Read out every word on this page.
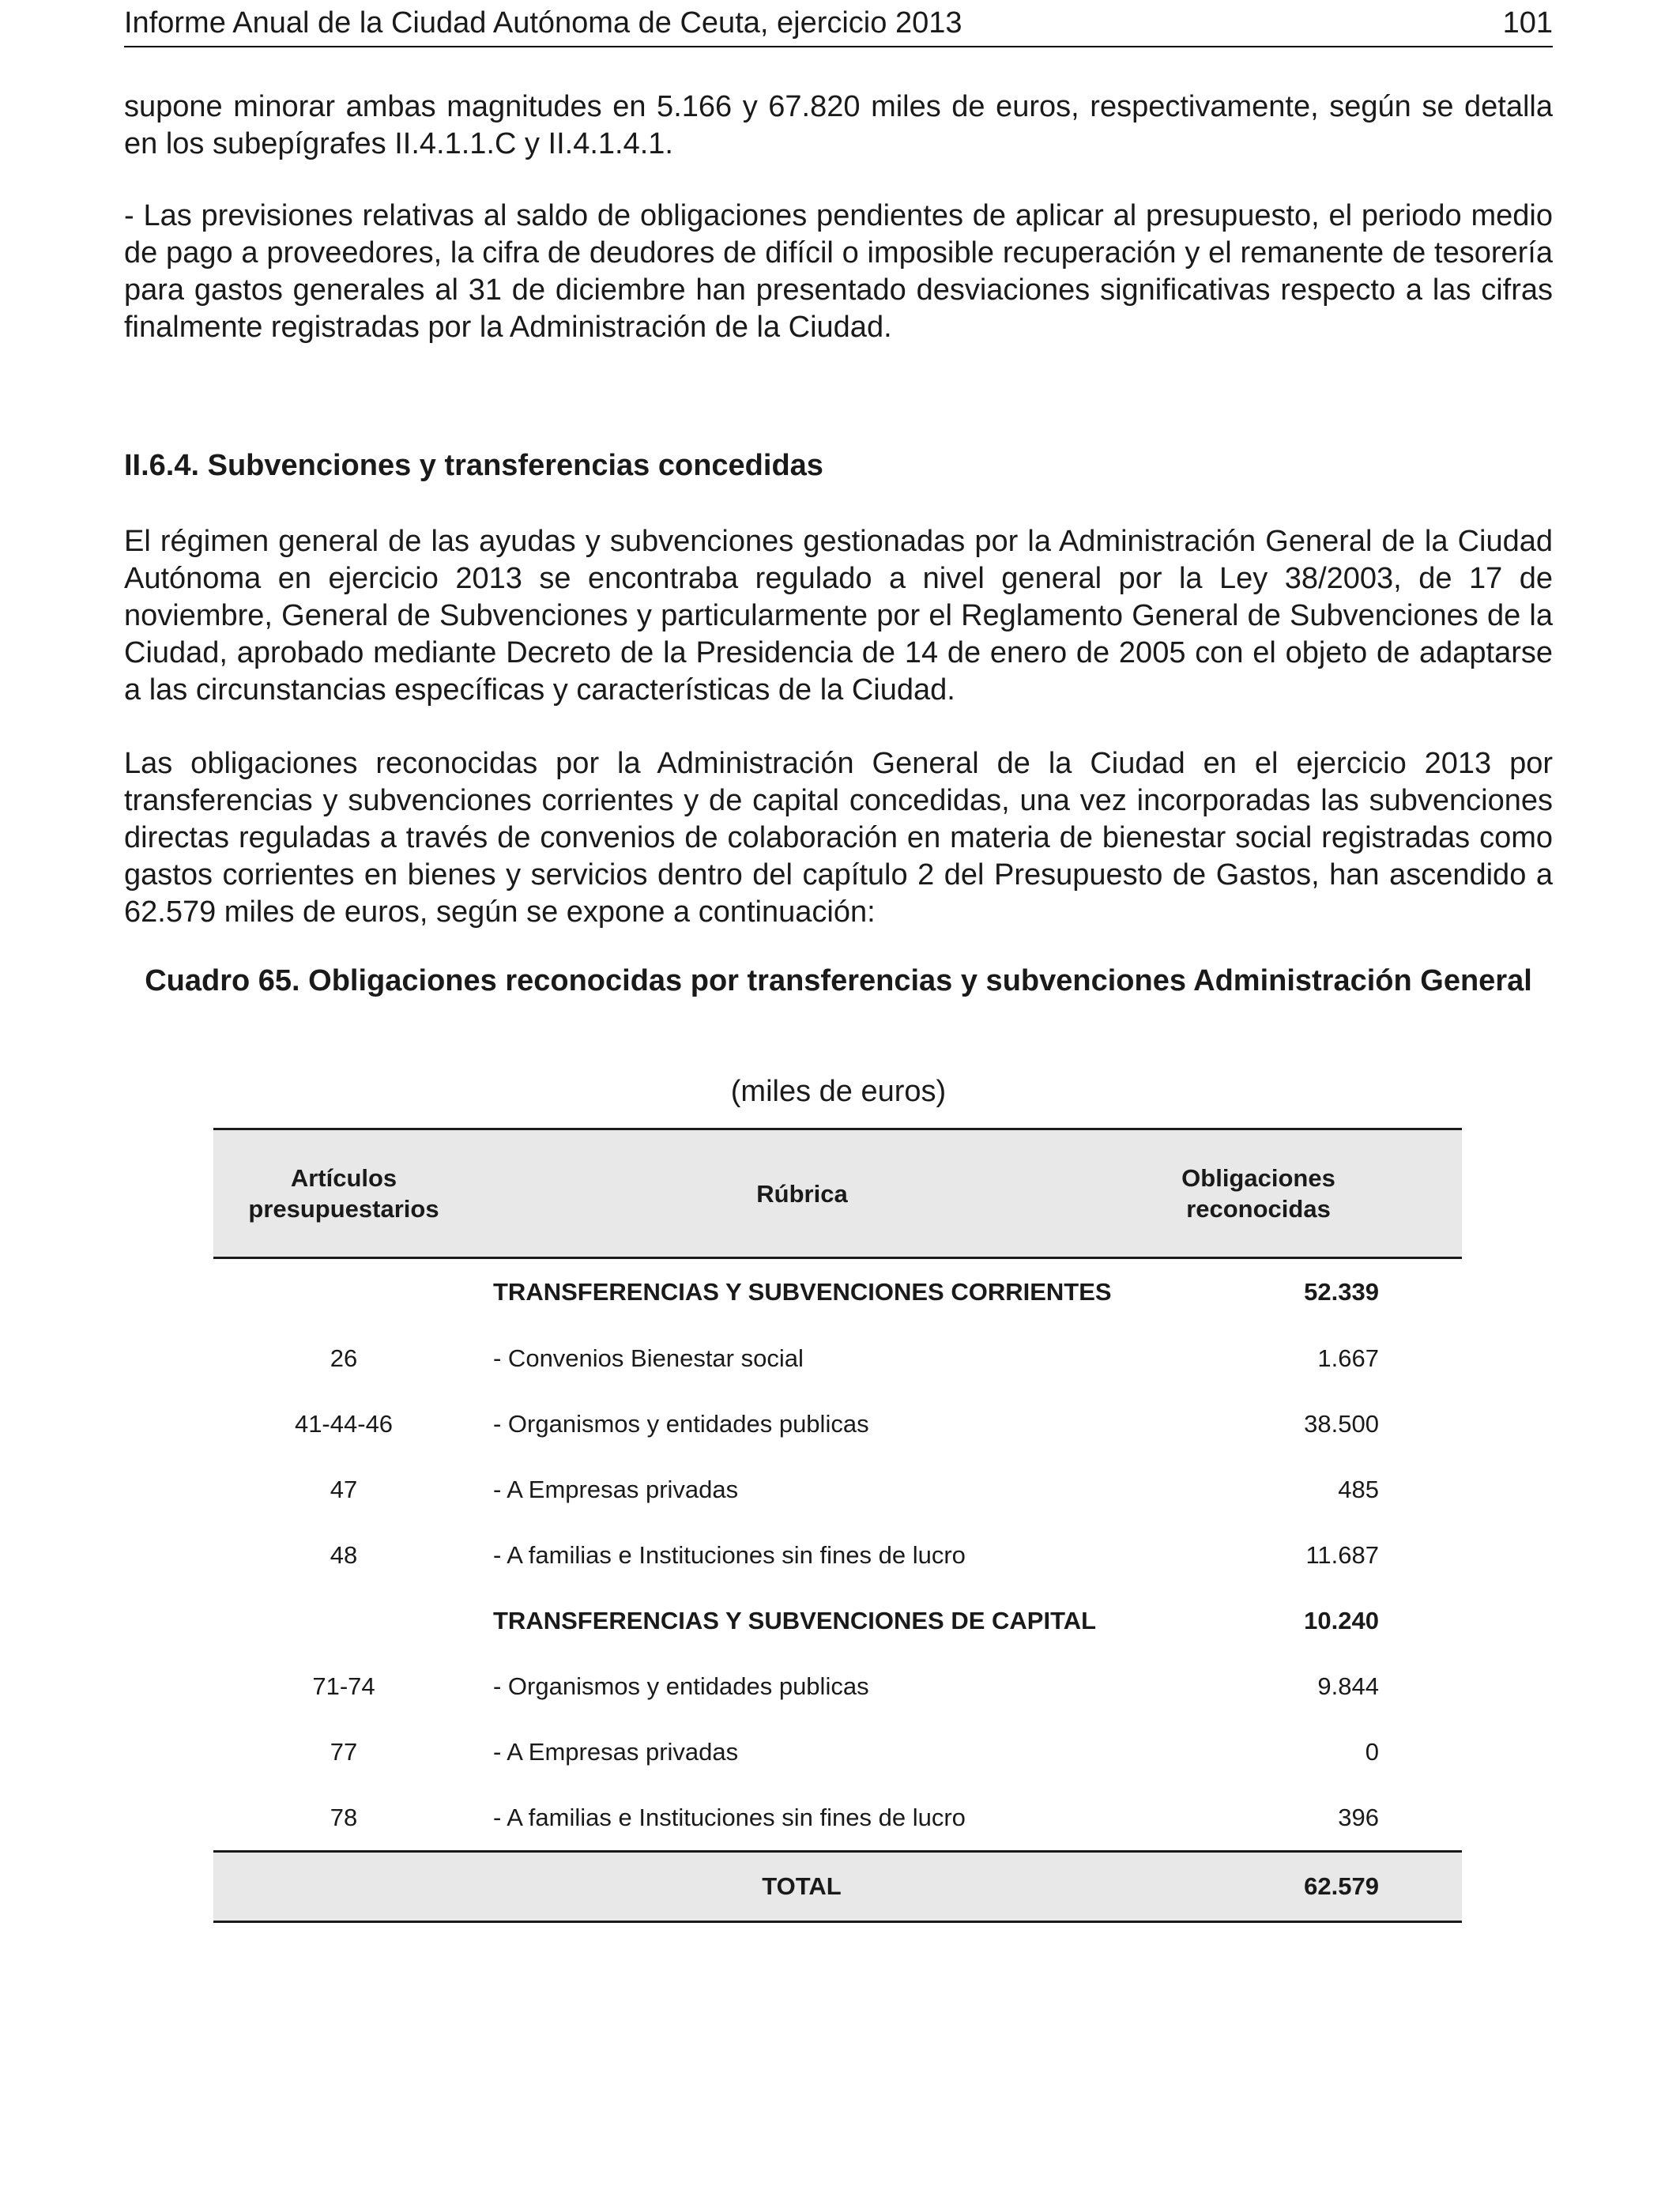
Informe Anual de la Ciudad Autónoma de Ceuta, ejercicio 2013	101

supone minorar ambas magnitudes en 5.166 y 67.820 miles de euros, respectivamente, según se detalla en los subepígrafes II.4.1.1.C y II.4.1.4.1.

- Las previsiones relativas al saldo de obligaciones pendientes de aplicar al presupuesto, el periodo medio de pago a proveedores, la cifra de deudores de difícil o imposible recuperación y el remanente de tesorería para gastos generales al 31 de diciembre han presentado desviaciones significativas respecto a las cifras finalmente registradas por la Administración de la Ciudad.

II.6.4. Subvenciones y transferencias concedidas

El régimen general de las ayudas y subvenciones gestionadas por la Administración General de la Ciudad Autónoma en ejercicio 2013 se encontraba regulado a nivel general por la Ley 38/2003, de 17 de noviembre, General de Subvenciones y particularmente por el Reglamento General de Subvenciones de la Ciudad, aprobado mediante Decreto de la Presidencia de 14 de enero de 2005 con el objeto de adaptarse a las circunstancias específicas y características de la Ciudad.

Las obligaciones reconocidas por la Administración General de la Ciudad en el ejercicio 2013 por transferencias y subvenciones corrientes y de capital concedidas, una vez incorporadas las subvenciones directas reguladas a través de convenios de colaboración en materia de bienestar social registradas como gastos corrientes en bienes y servicios dentro del capítulo 2 del Presupuesto de Gastos, han ascendido a 62.579 miles de euros, según se expone a continuación:

Cuadro 65. Obligaciones reconocidas por transferencias y subvenciones Administración General

(miles de euros)

Artículos presupuestarios	Rúbrica	Obligaciones reconocidas
	TRANSFERENCIAS Y SUBVENCIONES CORRIENTES	52.339
26	- Convenios Bienestar social	1.667
41-44-46	- Organismos y entidades publicas	38.500
47	- A Empresas privadas	485
48	- A familias e Instituciones sin fines de lucro	11.687
	TRANSFERENCIAS Y SUBVENCIONES DE CAPITAL	10.240
71-74	- Organismos y entidades publicas	9.844
77	- A Empresas privadas	0
78	- A familias e Instituciones sin fines de lucro	396
	TOTAL	62.579
